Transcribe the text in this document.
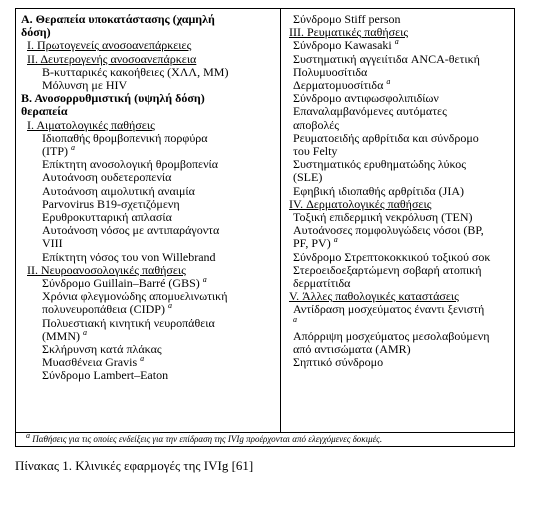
Α. Θεραπεία υποκατάστασης (χαμηλή
δόση)
Ι. Πρωτογενείς ανοσοανεπάρκειες
ΙΙ. Δευτερογενής ανοσοανεπάρκεια
Β-κυτταρικές κακοήθειες (ΧΛΛ, ΜΜ)
Μόλυνση με HIV
Β. Ανοσορρυθμιστική (υψηλή δόση)
θεραπεία
Ι. Αιματολογικές παθήσεις
Ιδιοπαθής θρομβοπενική πορφύρα
(ITP) $^a$
Επίκτητη ανοσολογική θρομβοπενία
Αυτοάνοση ουδετεροπενία
Αυτοάνοση αιμολυτική αναιμία
Parvovirus B19-σχετιζόμενη
Ερυθροκυτταρική απλασία
Αυτοάνοση νόσος με αντιπαράγοντα
VIII
Επίκτητη νόσος του von Willebrand
ΙΙ. Νευροανοσολογικές παθήσεις
Σύνδρομο Guillain–Barré (GBS) $^a$
Χρόνια φλεγμονώδης απομυελινωτική
πολυνευροπάθεια (CIDP) $^a$
Πολυεστιακή κινητική νευροπάθεια
(MMN) $^a$
Σκλήρυνση κατά πλάκας
Μυασθένεια Gravis $^a$
Σύνδρομο Lambert–Eaton
Σύνδρομο Stiff person
ΙΙΙ. Ρευματικές παθήσεις
Σύνδρομο Kawasaki $^a$
Συστηματική αγγειίτιδα ANCA-θετική
Πολυμυοσίτιδα
Δερματομυοσίτιδα $^a$
Σύνδρομο αντιφωσφολιπιδίων
Επαναλαμβανόμενες αυτόματες
αποβολές
Ρευματοειδής αρθρίτιδα και σύνδρομο
του Felty
Συστηματικός ερυθηματώδης λύκος
(SLE)
Εφηβική ιδιοπαθής αρθρίτιδα (JIA)
IV. Δερματολογικές παθήσεις
Τοξική επιδερμική νεκρόλυση (TEN)
Αυτοάνοσες πομφολυγώδεις νόσοι (BP,
PF, PV) $^a$
Σύνδρομο Στρεπτοκοκκικού τοξικού σοκ
Στεροειδοεξαρτώμενη σοβαρή ατοπική
δερματίτιδα
V. Άλλες παθολογικές καταστάσεις
Αντίδραση μοσχεύματος έναντι ξενιστή
$^a$
Απόρριψη μοσχεύματος μεσολαβούμενη
από αντισώματα (AMR)
Σηπτικό σύνδρομο
$^a$ Παθήσεις για τις οποίες ενδείξεις για την επίδραση της IVIg προέρχονται από ελεγχόμενες δοκιμές.
Πίνακας 1. Κλινικές εφαρμογές της IVIg [61]
